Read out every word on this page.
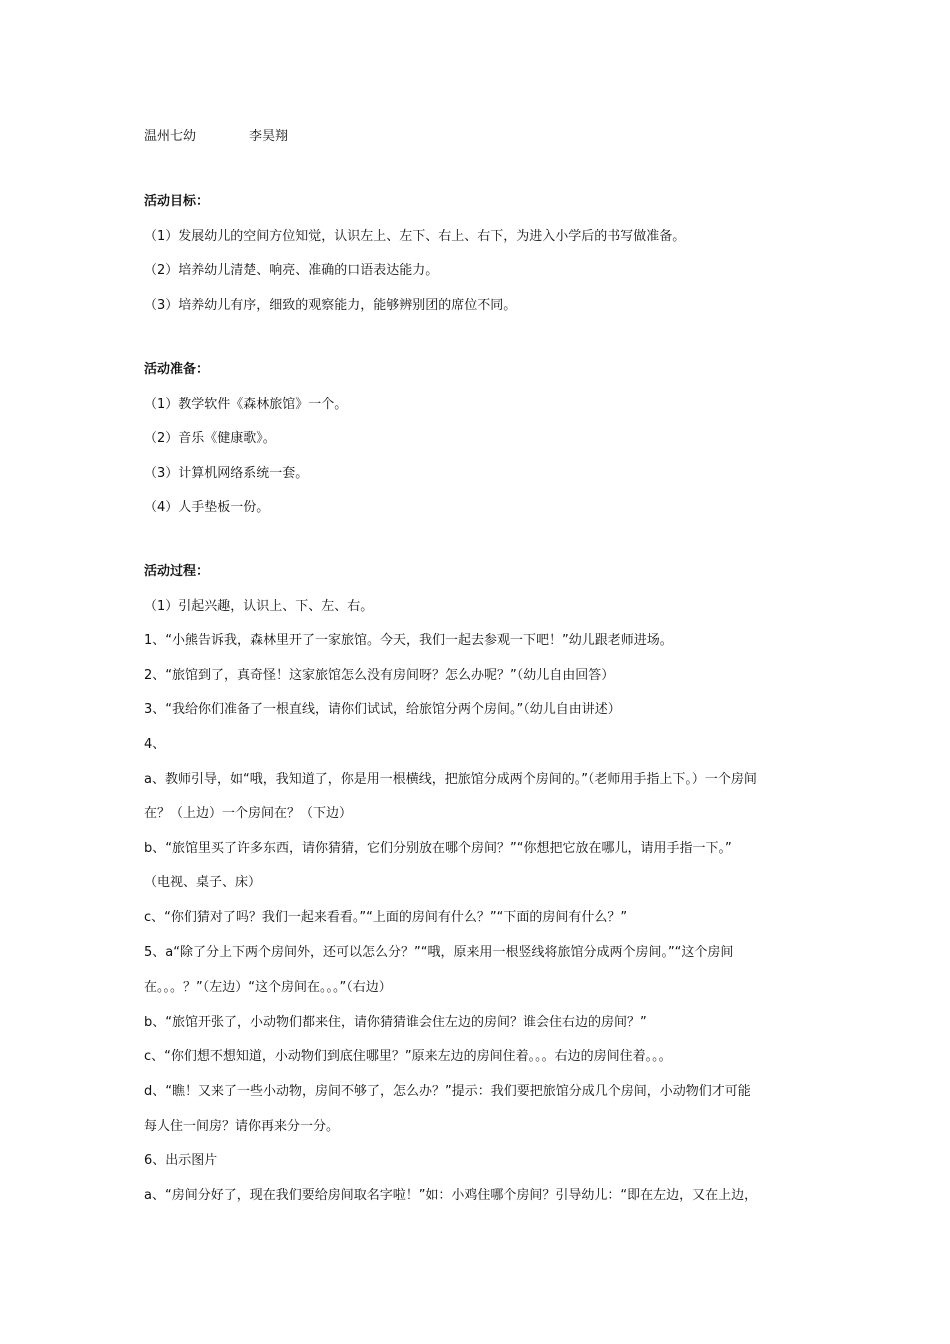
温州七幼	李昊翔
活动目标：
（1）发展幼儿的空间方位知觉，认识左上、左下、右上、右下，为进入小学后的书写做准备。
（2）培养幼儿清楚、响亮、准确的口语表达能力。
（3）培养幼儿有序，细致的观察能力，能够辨别团的席位不同。
活动准备：
（1）教学软件《森林旅馆》一个。
（2）音乐《健康歌》。
（3）计算机网络系统一套。
（4）人手垫板一份。
活动过程：
（1）引起兴趣，认识上、下、左、右。
1、“小熊告诉我，森林里开了一家旅馆。今天，我们一起去参观一下吧！”幼儿跟老师进场。
2、“旅馆到了，真奇怪！这家旅馆怎么没有房间呀？怎么办呢？”（幼儿自由回答）
3、“我给你们准备了一根直线，请你们试试，给旅馆分两个房间。”（幼儿自由讲述）
4、
a、教师引导，如“哦，我知道了，你是用一根横线，把旅馆分成两个房间的。”（老师用手指上下。）一个房间
在？（上边）一个房间在？（下边）
b、“旅馆里买了许多东西，请你猜猜，它们分别放在哪个房间？”“你想把它放在哪儿，请用手指一下。”
（电视、桌子、床）
c、“你们猜对了吗？我们一起来看看。”“上面的房间有什么？”“下面的房间有什么？”
5、a“除了分上下两个房间外，还可以怎么分？”“哦，原来用一根竖线将旅馆分成两个房间。”“这个房间
在。。。？”（左边）“这个房间在。。。”（右边）
b、“旅馆开张了，小动物们都来住，请你猜猜谁会住左边的房间？谁会住右边的房间？”
c、“你们想不想知道，小动物们到底住哪里？”原来左边的房间住着。。。右边的房间住着。。。
d、“瞧！又来了一些小动物，房间不够了，怎么办？”提示：我们要把旅馆分成几个房间，小动物们才可能
每人住一间房？请你再来分一分。
6、出示图片
a、“房间分好了，现在我们要给房间取名字啦！”如：小鸡住哪个房间？引导幼儿：“即在左边，又在上边，
